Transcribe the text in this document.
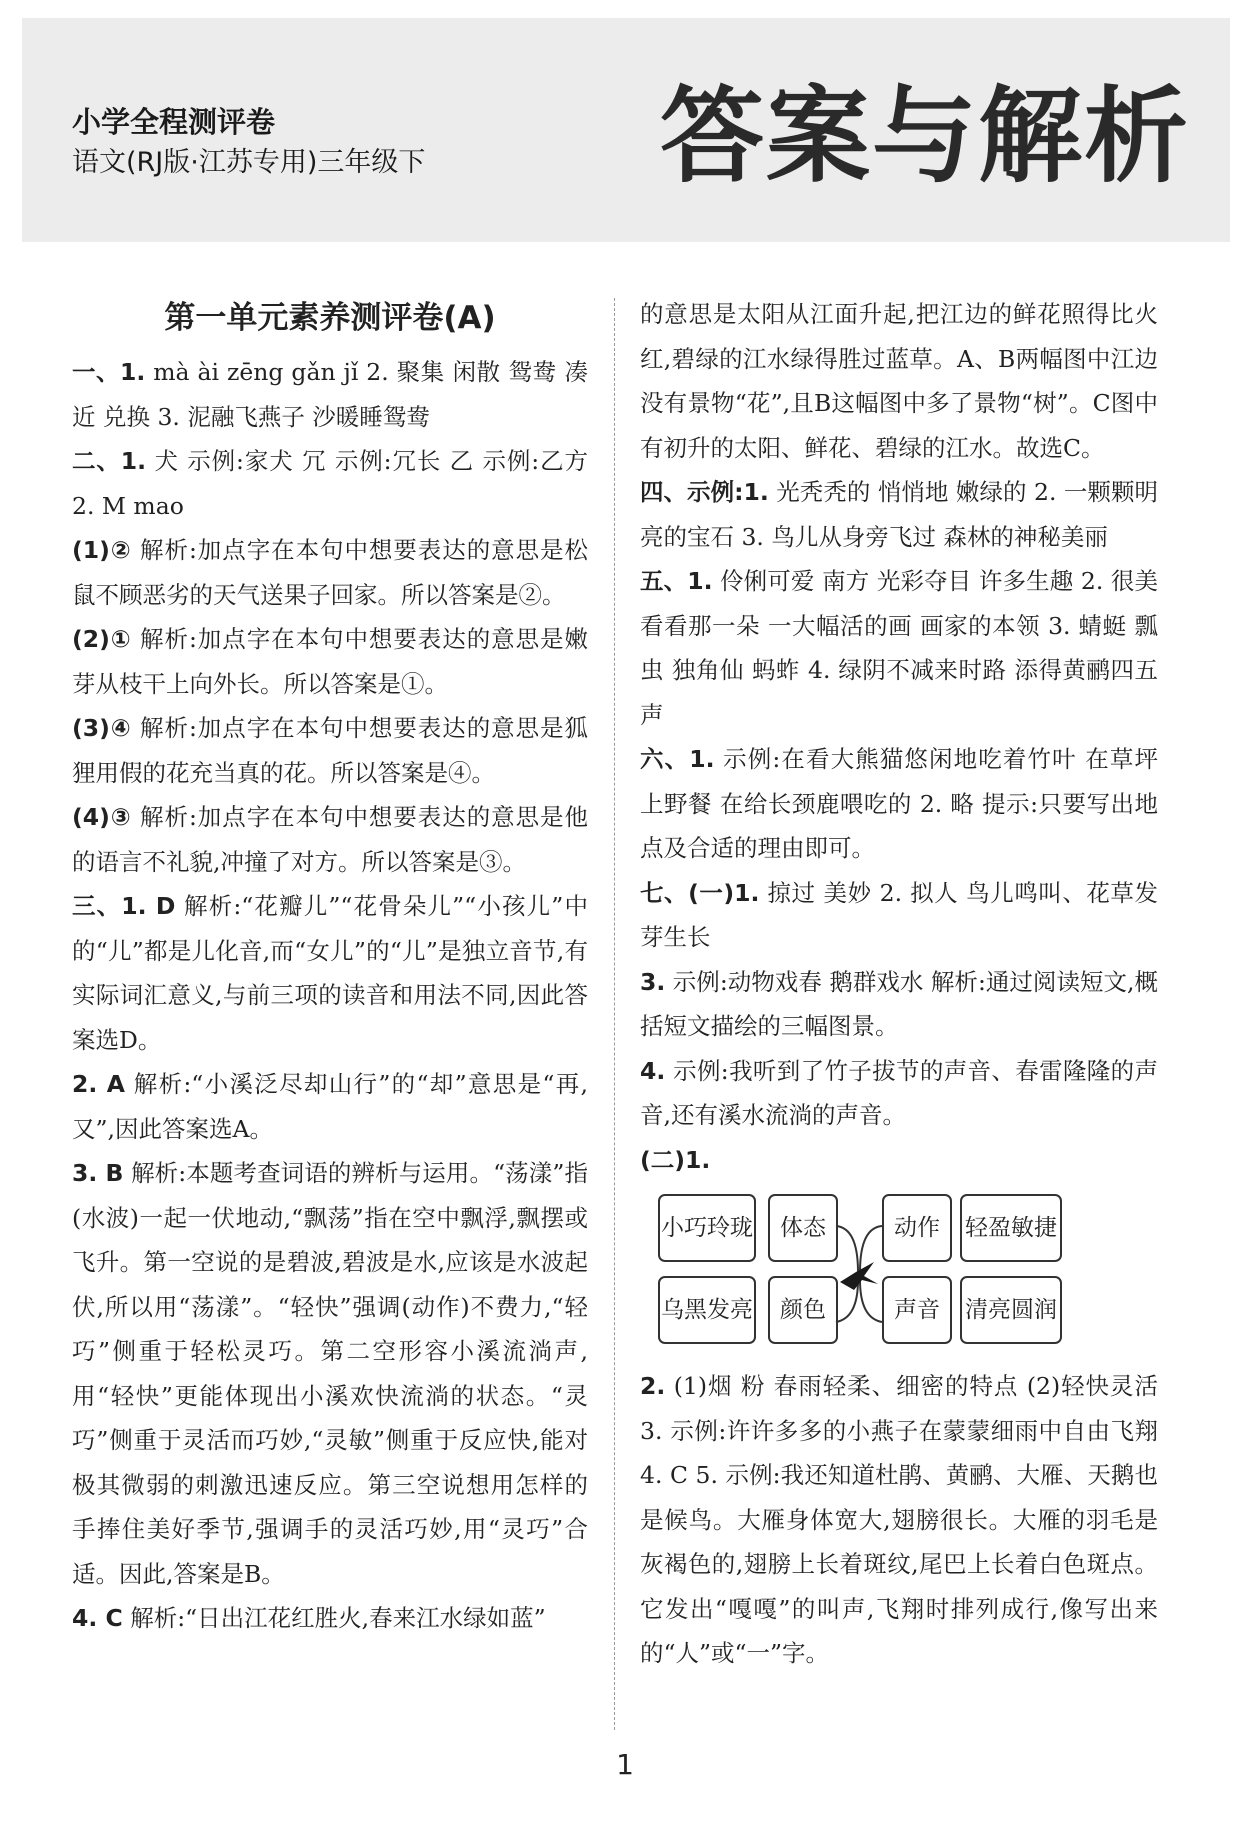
小学全程测评卷
语文(RJ版·江苏专用)三年级下 答案与解析

第一单元素养测评卷(A)

一、1. mà ài zēng gǎn jǐ 2. 聚集 闲散 鸳鸯 凑近 兑换 3. 泥融飞燕子 沙暖睡鸳鸯

二、1. 犬 示例:家犬 冗 示例:冗长 乙 示例:乙方 2. M mao

(1)② 解析:加点字在本句中想要表达的意思是松鼠不顾恶劣的天气送果子回家。所以答案是②。

(2)① 解析:加点字在本句中想要表达的意思是嫩芽从枝干上向外长。所以答案是①。

(3)④ 解析:加点字在本句中想要表达的意思是狐狸用假的花充当真的花。所以答案是④。

(4)③ 解析:加点字在本句中想要表达的意思是他的语言不礼貌,冲撞了对方。所以答案是③。

三、1. D 解析:“花瓣儿”“花骨朵儿”“小孩儿”中的“儿”都是儿化音,而“女儿”的“儿”是独立音节,有实际词汇意义,与前三项的读音和用法不同,因此答案选D。

2. A 解析:“小溪泛尽却山行”的“却”意思是“再,又”,因此答案选A。

3. B 解析:本题考查词语的辨析与运用。“荡漾”指(水波)一起一伏地动,“飘荡”指在空中飘浮,飘摆或飞升。第一空说的是碧波,碧波是水,应该是水波起伏,所以用“荡漾”。“轻快”强调(动作)不费力,“轻巧”侧重于轻松灵巧。第二空形容小溪流淌声,用“轻快”更能体现出小溪欢快流淌的状态。“灵巧”侧重于灵活而巧妙,“灵敏”侧重于反应快,能对极其微弱的刺激迅速反应。第三空说想用怎样的手捧住美好季节,强调手的灵活巧妙,用“灵巧”合适。因此,答案是B。

4. C 解析:“日出江花红胜火,春来江水绿如蓝”

的意思是太阳从江面升起,把江边的鲜花照得比火红,碧绿的江水绿得胜过蓝草。A、B两幅图中江边没有景物“花”,且B这幅图中多了景物“树”。C图中有初升的太阳、鲜花、碧绿的江水。故选C。

四、示例:1. 光秃秃的 悄悄地 嫩绿的 2. 一颗颗明亮的宝石 3. 鸟儿从身旁飞过 森林的神秘美丽

五、1. 伶俐可爱 南方 光彩夺目 许多生趣 2. 很美 看看那一朵 一大幅活的画 画家的本领 3. 蜻蜓 瓢虫 独角仙 蚂蚱 4. 绿阴不减来时路 添得黄鹂四五声

六、1. 示例:在看大熊猫悠闲地吃着竹叶 在草坪上野餐 在给长颈鹿喂吃的 2. 略 提示:只要写出地点及合适的理由即可。

七、(一)1. 掠过 美妙 2. 拟人 鸟儿鸣叫、花草发芽生长

3. 示例:动物戏春 鹅群戏水 解析:通过阅读短文,概括短文描绘的三幅图景。

4. 示例:我听到了竹子拔节的声音、春雷隆隆的声音,还有溪水流淌的声音。

(二)1.

小巧玲珑	体态	动作	轻盈敏捷
乌黑发亮	颜色	声音	清亮圆润

2. (1)烟 粉 春雨轻柔、细密的特点 (2)轻快灵活 3. 示例:许许多多的小燕子在蒙蒙细雨中自由飞翔 4. C 5. 示例:我还知道杜鹃、黄鹂、大雁、天鹅也是候鸟。大雁身体宽大,翅膀很长。大雁的羽毛是灰褐色的,翅膀上长着斑纹,尾巴上长着白色斑点。它发出“嘎嘎”的叫声,飞翔时排列成行,像写出来的“人”或“一”字。

1
